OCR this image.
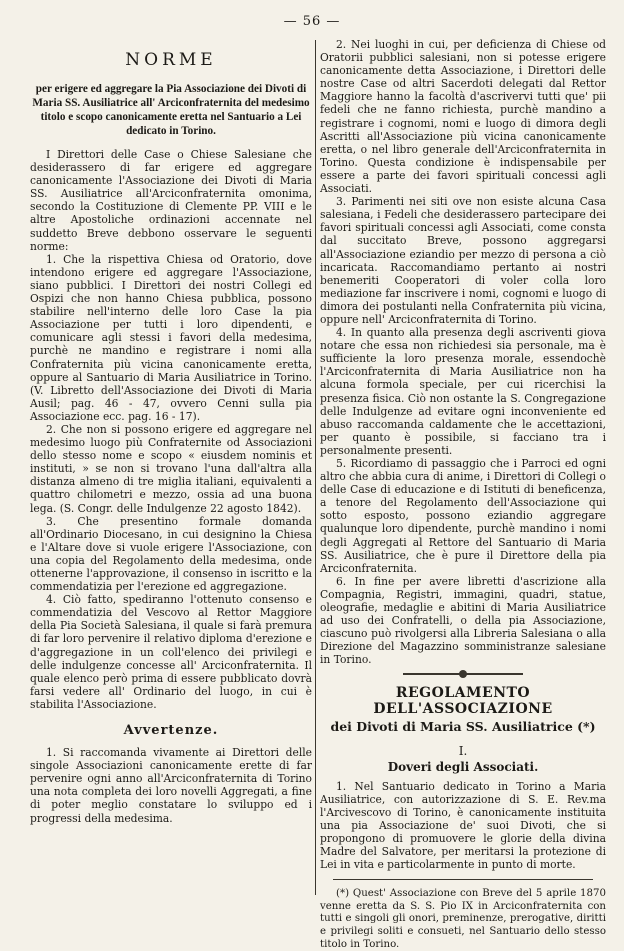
— 56 —
NORME
per erigere ed aggregare la Pia Associazione dei Divoti di Maria SS. Ausiliatrice all' Arciconfraternita del medesimo titolo e scopo canonicamente eretta nel Santuario a Lei dedicato in Torino.

I Direttori delle Case o Chiese Salesiane che desiderassero di far erigere ed aggregare canonicamente l'Associazione dei Divoti di Maria SS. Ausiliatrice all'Arciconfraternita omonima, secondo la Costituzione di Clemente PP. VIII e le altre Apostoliche ordinazioni accennate nel suddetto Breve debbono osservare le seguenti norme:

1. Che la rispettiva Chiesa od Oratorio, dove intendono erigere ed aggregare l'Associazione, siano pubblici. I Direttori dei nostri Collegi ed Ospizi che non hanno Chiesa pubblica, possono stabilire nell'interno delle loro Case la pia Associazione per tutti i loro dipendenti, e comunicare agli stessi i favori della medesima, purchè ne mandino e registrare i nomi alla Confraternita più vicina canonicamente eretta, oppure al Santuario di Maria Ausiliatrice in Torino. (V. Libretto dell'Associazione dei Divoti di Maria Ausil; pag. 46 - 47, ovvero Cenni sulla pia Associazione ecc. pag. 16 - 17).

2. Che non si possono erigere ed aggregare nel medesimo luogo più Confraternite od Associazioni dello stesso nome e scopo « eiusdem nominis et instituti, » se non si trovano l'una dall'altra alla distanza almeno di tre miglia italiani, equivalenti a quattro chilometri e mezzo, ossia ad una buona lega. (S. Congr. delle Indulgenze 22 agosto 1842).

3. Che presentino formale domanda all'Ordinario Diocesano, in cui designino la Chiesa e l'Altare dove si vuole erigere l'Associazione, con una copia del Regolamento della medesima, onde ottenerne l'approvazione, il consenso in iscritto e la commendatizia per l'erezione ed aggregazione.

4. Ciò fatto, spediranno l'ottenuto consenso e commendatizia del Vescovo al Rettor Maggiore della Pia Società Salesiana, il quale si farà premura di far loro pervenire il relativo diploma d'erezione e d'aggregazione in un coll'elenco dei privilegi e delle indulgenze concesse all' Arciconfraternita. Il quale elenco però prima di essere pubblicato dovrà farsi vedere all' Ordinario del luogo, in cui è stabilita l'Associazione.

Avvertenze.

1. Si raccomanda vivamente ai Direttori delle singole Associazioni canonicamente erette di far pervenire ogni anno all'Arciconfraternita di Torino una nota completa dei loro novelli Aggregati, a fine di poter meglio constatare lo sviluppo ed i progressi della medesima.

2. Nei luoghi in cui, per deficienza di Chiese od Oratorii pubblici salesiani, non si potesse erigere canonicamente detta Associazione, i Direttori delle nostre Case od altri Sacerdoti delegati dal Rettor Maggiore hanno la facoltà d'ascrivervi tutti que' pii fedeli che ne fanno richiesta, purchè mandino a registrare i cognomi, nomi e luogo di dimora degli Ascritti all'Associazione più vicina canonicamente eretta, o nel libro generale dell'Arciconfraternita in Torino. Questa condizione è indispensabile per essere a parte dei favori spirituali concessi agli Associati.

3. Parimenti nei siti ove non esiste alcuna Casa salesiana, i Fedeli che desiderassero partecipare dei favori spirituali concessi agli Associati, come consta dal succitato Breve, possono aggregarsi all'Associazione eziandio per mezzo di persona a ciò incaricata. Raccomandiamo pertanto ai nostri benemeriti Cooperatori di voler colla loro mediazione far inscrivere i nomi, cognomi e luogo di dimora dei postulanti nella Confraternita più vicina, oppure nell' Arciconfraternita di Torino.

4. In quanto alla presenza degli ascriventi giova notare che essa non richiedesi sia personale, ma è sufficiente la loro presenza morale, essendochè l'Arciconfraternita di Maria Ausiliatrice non ha alcuna formola speciale, per cui ricerchisi la presenza fisica. Ciò non ostante la S. Congregazione delle Indulgenze ad evitare ogni inconveniente ed abuso raccomanda caldamente che le accettazioni, per quanto è possibile, si facciano tra i personalmente presenti.

5. Ricordiamo di passaggio che i Parroci ed ogni altro che abbia cura di anime, i Direttori di Collegi o delle Case di educazione e di Istituti di beneficenza, a tenore del Regolamento dell'Associazione qui sotto esposto, possono eziandio aggregare qualunque loro dipendente, purchè mandino i nomi degli Aggregati al Rettore del Santuario di Maria SS. Ausiliatrice, che è pure il Direttore della pia Arciconfraternita.

6. In fine per avere libretti d'ascrizione alla Compagnia, Registri, immagini, quadri, statue, oleografie, medaglie e abitini di Maria Ausiliatrice ad uso dei Confratelli, o della pia Associazione, ciascuno può rivolgersi alla Libreria Salesiana o alla Direzione del Magazzino somministranze salesiane in Torino.

REGOLAMENTO DELL'ASSOCIAZIONE
dei Divoti di Maria SS. Ausiliatrice (*)
I.
Doveri degli Associati.

1. Nel Santuario dedicato in Torino a Maria Ausiliatrice, con autorizzazione di S. E. Rev.ma l'Arcivescovo di Torino, è canonicamente instituita una pia Associazione de' suoi Divoti, che si propongono di promuovere le glorie della divina Madre del Salvatore, per meritarsi la protezione di Lei in vita e particolarmente in punto di morte.

(*) Quest' Associazione con Breve del 5 aprile 1870 venne eretta da S. S. Pio IX in Arciconfraternita con tutti e singoli gli onori, preminenze, prerogative, diritti e privilegi soliti e consueti, nel Santuario dello stesso titolo in Torino.
